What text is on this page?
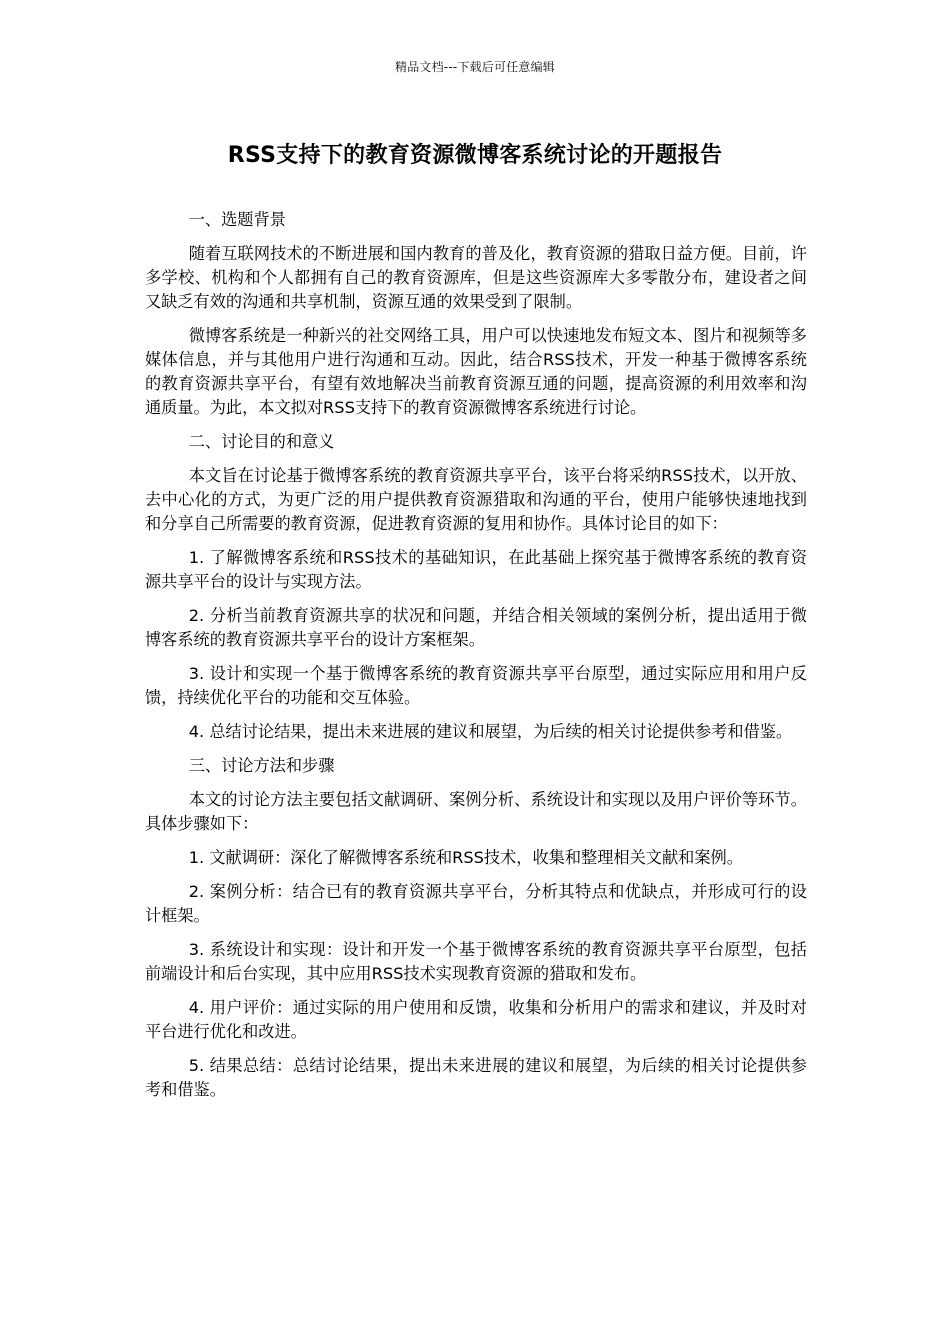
精品文档---下载后可任意编辑
RSS支持下的教育资源微博客系统讨论的开题报告

一、选题背景

随着互联网技术的不断进展和国内教育的普及化，教育资源的猎取日益方便。目前，许多学校、机构和个人都拥有自己的教育资源库，但是这些资源库大多零散分布，建设者之间又缺乏有效的沟通和共享机制，资源互通的效果受到了限制。

微博客系统是一种新兴的社交网络工具，用户可以快速地发布短文本、图片和视频等多媒体信息，并与其他用户进行沟通和互动。因此，结合RSS技术，开发一种基于微博客系统的教育资源共享平台，有望有效地解决当前教育资源互通的问题，提高资源的利用效率和沟通质量。为此，本文拟对RSS支持下的教育资源微博客系统进行讨论。

二、讨论目的和意义

本文旨在讨论基于微博客系统的教育资源共享平台，该平台将采纳RSS技术，以开放、去中心化的方式，为更广泛的用户提供教育资源猎取和沟通的平台，使用户能够快速地找到和分享自己所需要的教育资源，促进教育资源的复用和协作。具体讨论目的如下：

1. 了解微博客系统和RSS技术的基础知识，在此基础上探究基于微博客系统的教育资源共享平台的设计与实现方法。

2. 分析当前教育资源共享的状况和问题，并结合相关领域的案例分析，提出适用于微博客系统的教育资源共享平台的设计方案框架。

3. 设计和实现一个基于微博客系统的教育资源共享平台原型，通过实际应用和用户反馈，持续优化平台的功能和交互体验。

4. 总结讨论结果，提出未来进展的建议和展望，为后续的相关讨论提供参考和借鉴。

三、讨论方法和步骤

本文的讨论方法主要包括文献调研、案例分析、系统设计和实现以及用户评价等环节。具体步骤如下：

1. 文献调研：深化了解微博客系统和RSS技术，收集和整理相关文献和案例。

2. 案例分析：结合已有的教育资源共享平台，分析其特点和优缺点，并形成可行的设计框架。

3. 系统设计和实现：设计和开发一个基于微博客系统的教育资源共享平台原型，包括前端设计和后台实现，其中应用RSS技术实现教育资源的猎取和发布。

4. 用户评价：通过实际的用户使用和反馈，收集和分析用户的需求和建议，并及时对平台进行优化和改进。

5. 结果总结：总结讨论结果，提出未来进展的建议和展望，为后续的相关讨论提供参考和借鉴。
